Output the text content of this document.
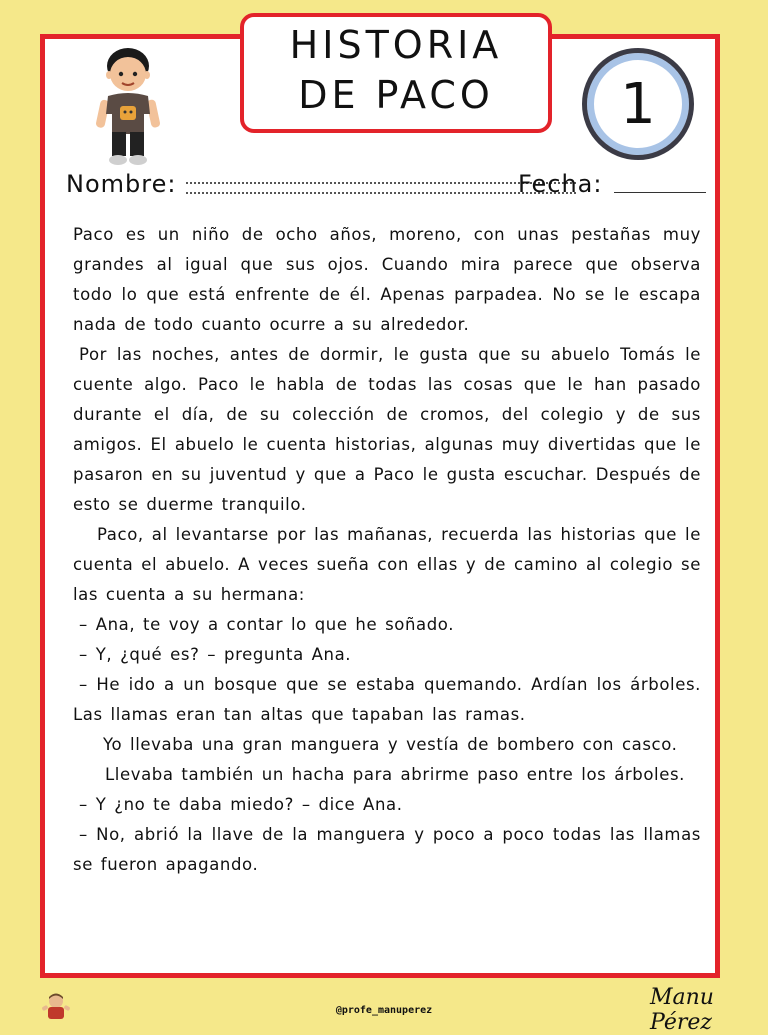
HISTORIA
DE PACO	1
Nombre:	Fecha:

Paco es un niño de ocho años, moreno, con unas pestañas muy grandes al igual que sus ojos. Cuando mira parece que observa todo lo que está enfrente de él. Apenas parpadea. No se le escapa nada de todo cuanto ocurre a su alrededor.

Por las noches, antes de dormir, le gusta que su abuelo Tomás le cuente algo. Paco le habla de todas las cosas que le han pasado durante el día, de su colección de cromos, del colegio y de sus amigos. El abuelo le cuenta historias, algunas muy divertidas que le pasaron en su juventud y que a Paco le gusta escuchar. Después de esto se duerme tranquilo.

Paco, al levantarse por las mañanas, recuerda las historias que le cuenta el abuelo. A veces sueña con ellas y de camino al colegio se las cuenta a su hermana:

– Ana, te voy a contar lo que he soñado.

– Y, ¿qué es? – pregunta Ana.

– He ido a un bosque que se estaba quemando. Ardían los árboles. Las llamas eran tan altas que tapaban las ramas.

Yo llevaba una gran manguera y vestía de bombero con casco.

Llevaba también un hacha para abrirme paso entre los árboles.

– Y ¿no te daba miedo? – dice Ana.

– No, abrió la llave de la manguera y poco a poco todas las llamas se fueron apagando.

@profe_manuperez
Manu Pérez
